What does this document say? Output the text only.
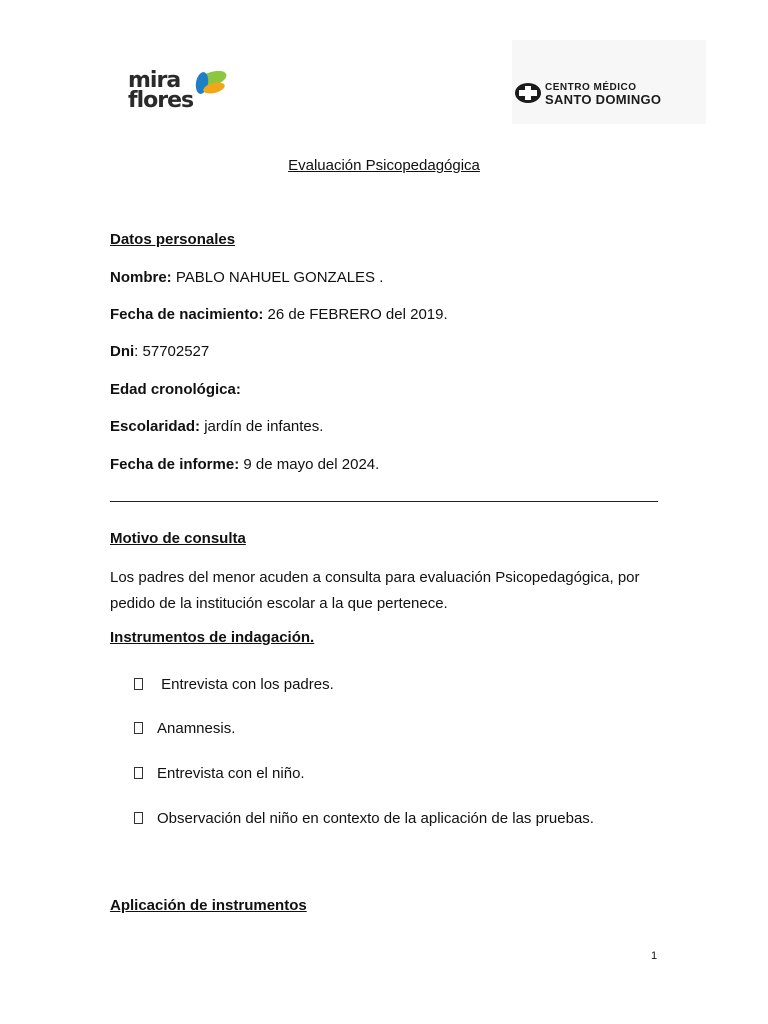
mira
flores
CENTRO MÉDICO
SANTO DOMINGO
Evaluación Psicopedagógica
Datos personales
Nombre: PABLO NAHUEL GONZALES .
Fecha de nacimiento: 26 de FEBRERO del 2019.
Dni: 57702527
Edad cronológica:
Escolaridad: jardín de infantes.
Fecha de informe: 9 de mayo del 2024.
Motivo de consulta
Los padres del menor acuden a consulta para evaluación Psicopedagógica, por pedido de la institución escolar a la que pertenece.
Instrumentos de indagación.
Entrevista con los padres.
Anamnesis.
Entrevista con el niño.
Observación del niño en contexto de la aplicación de las pruebas.
Aplicación de instrumentos
1
